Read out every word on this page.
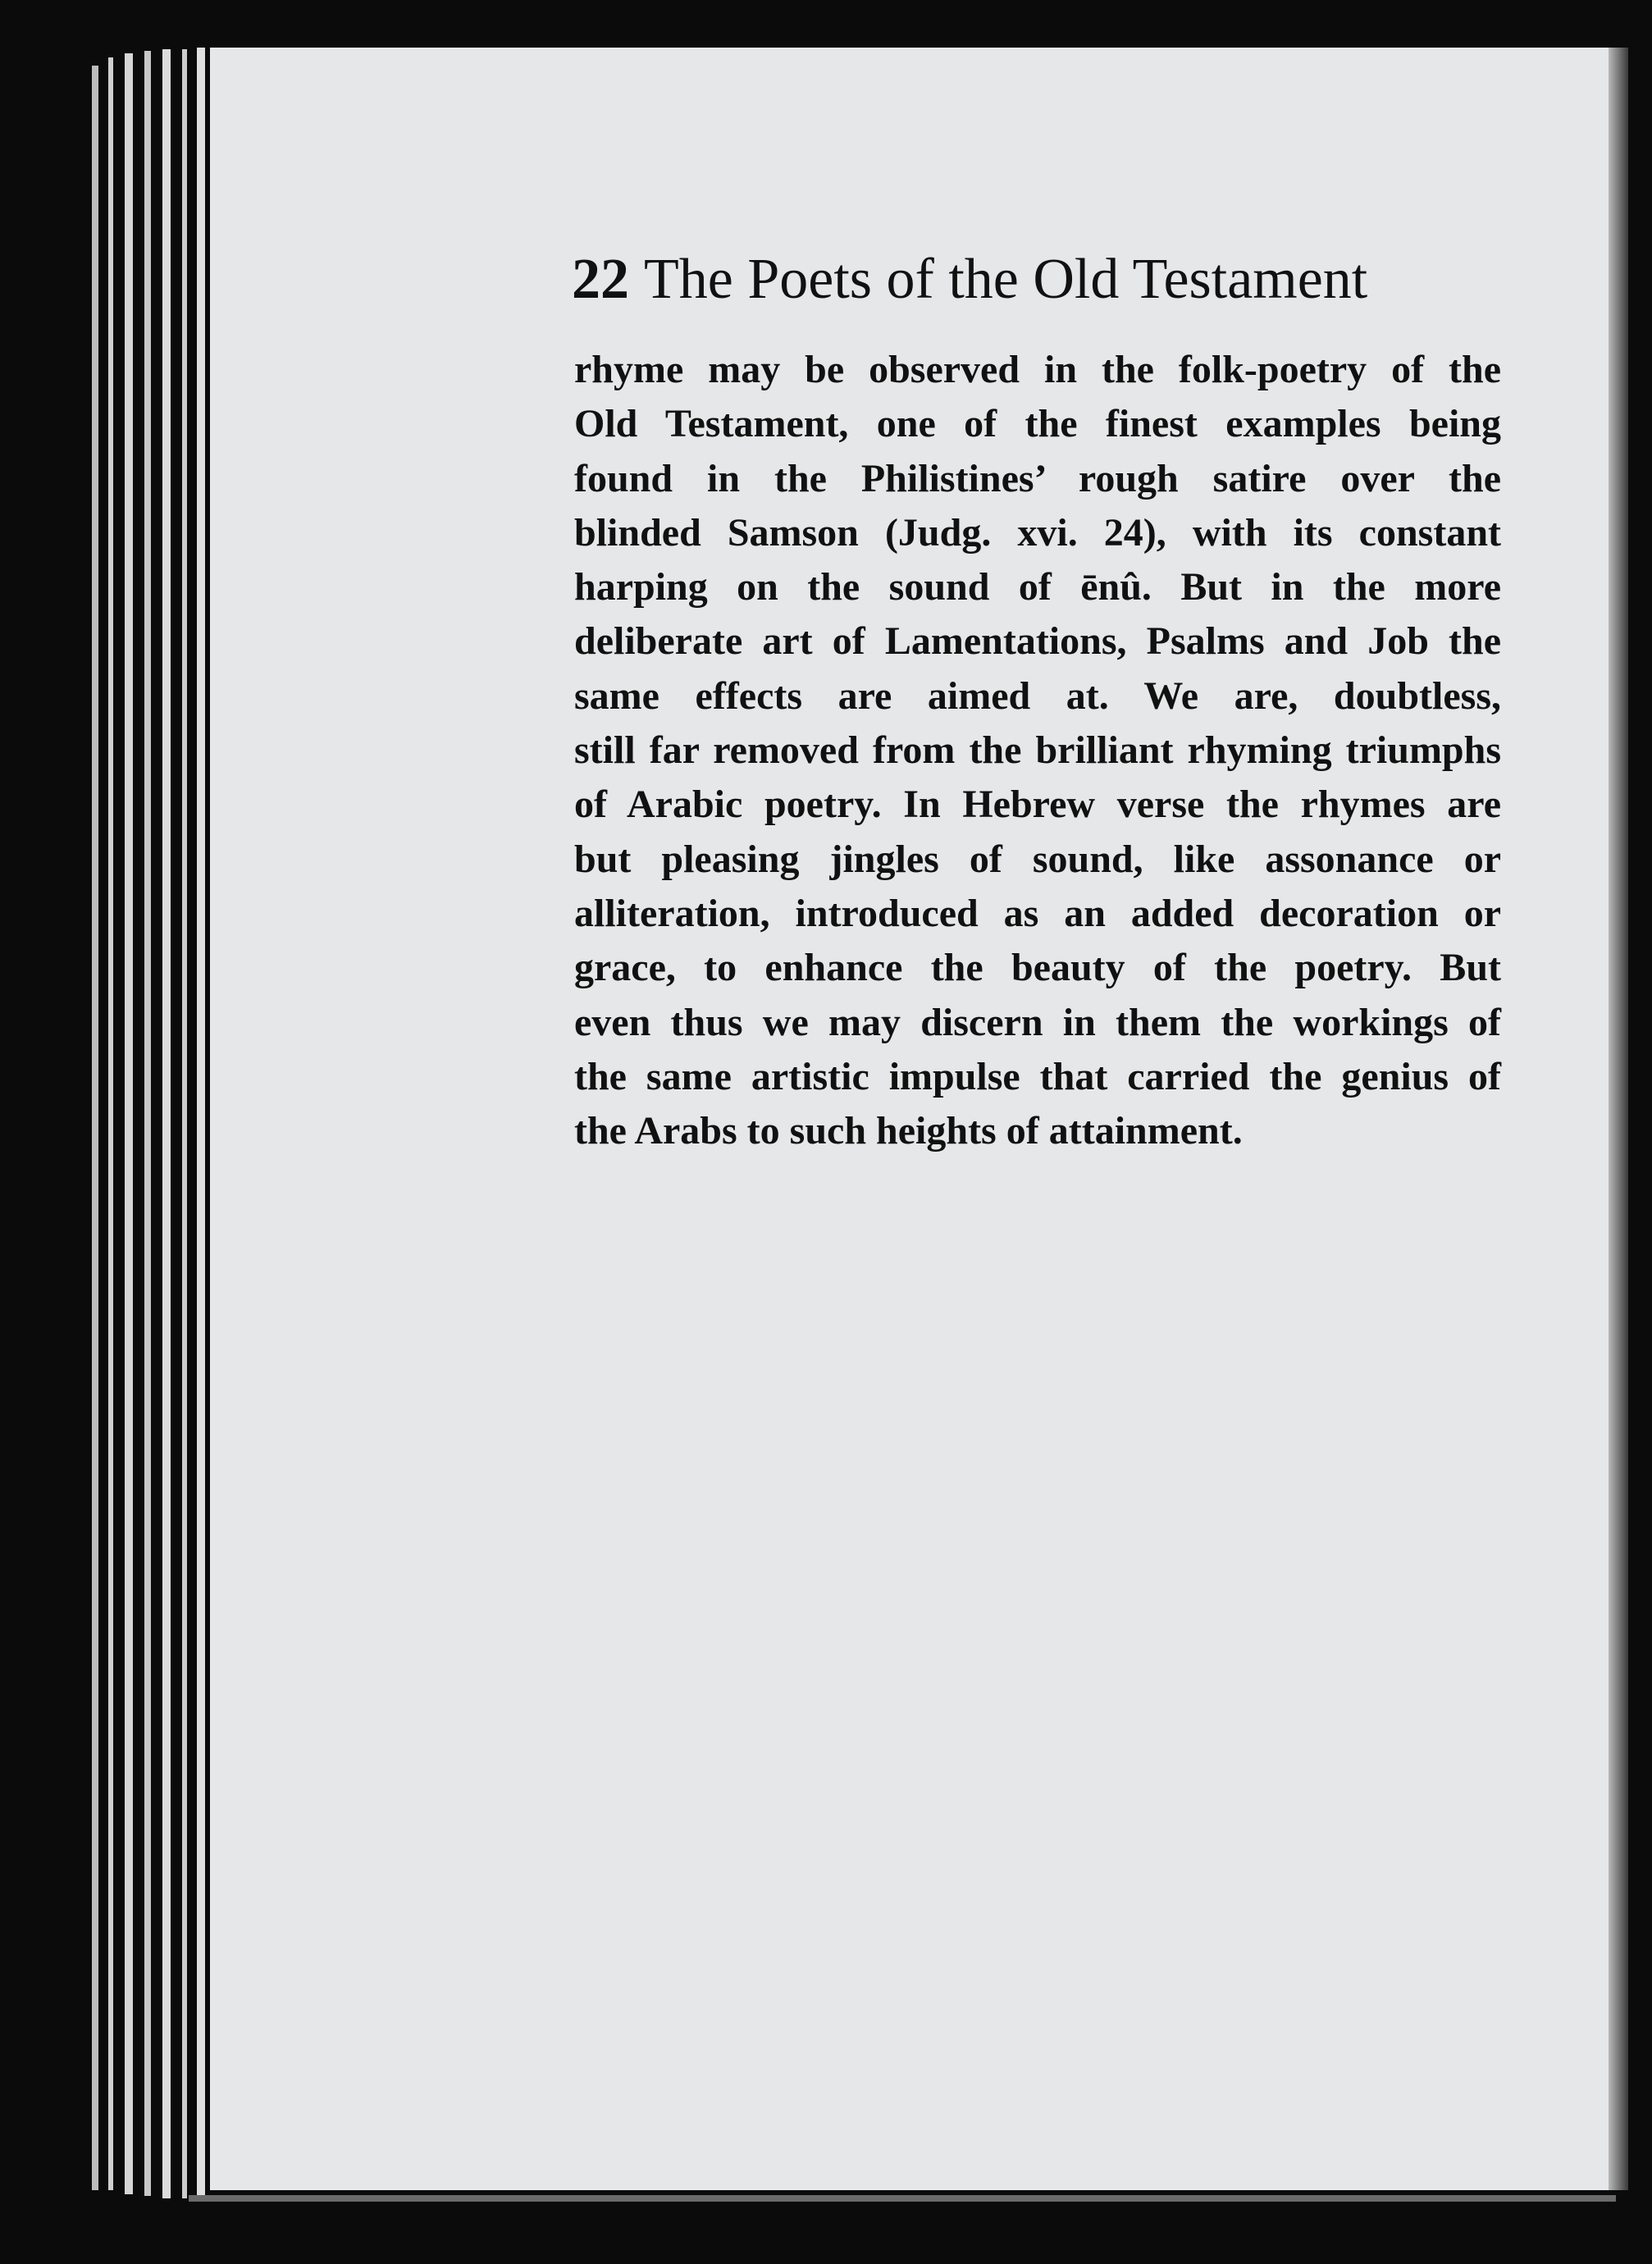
22 The Poets of the Old Testament
rhyme may be observed in the folk-poetry of the
Old Testament, one of the finest examples being
found in the Philistines’ rough satire over the
blinded Samson (Judg. xvi. 24), with its constant
harping on the sound of ēnû. But in the more
deliberate art of Lamentations, Psalms and Job the
same effects are aimed at. We are, doubtless,
still far removed from the brilliant rhyming triumphs
of Arabic poetry. In Hebrew verse the rhymes are
but pleasing jingles of sound, like assonance or
alliteration, introduced as an added decoration or
grace, to enhance the beauty of the poetry. But
even thus we may discern in them the workings of
the same artistic impulse that carried the genius of
the Arabs to such heights of attainment.
